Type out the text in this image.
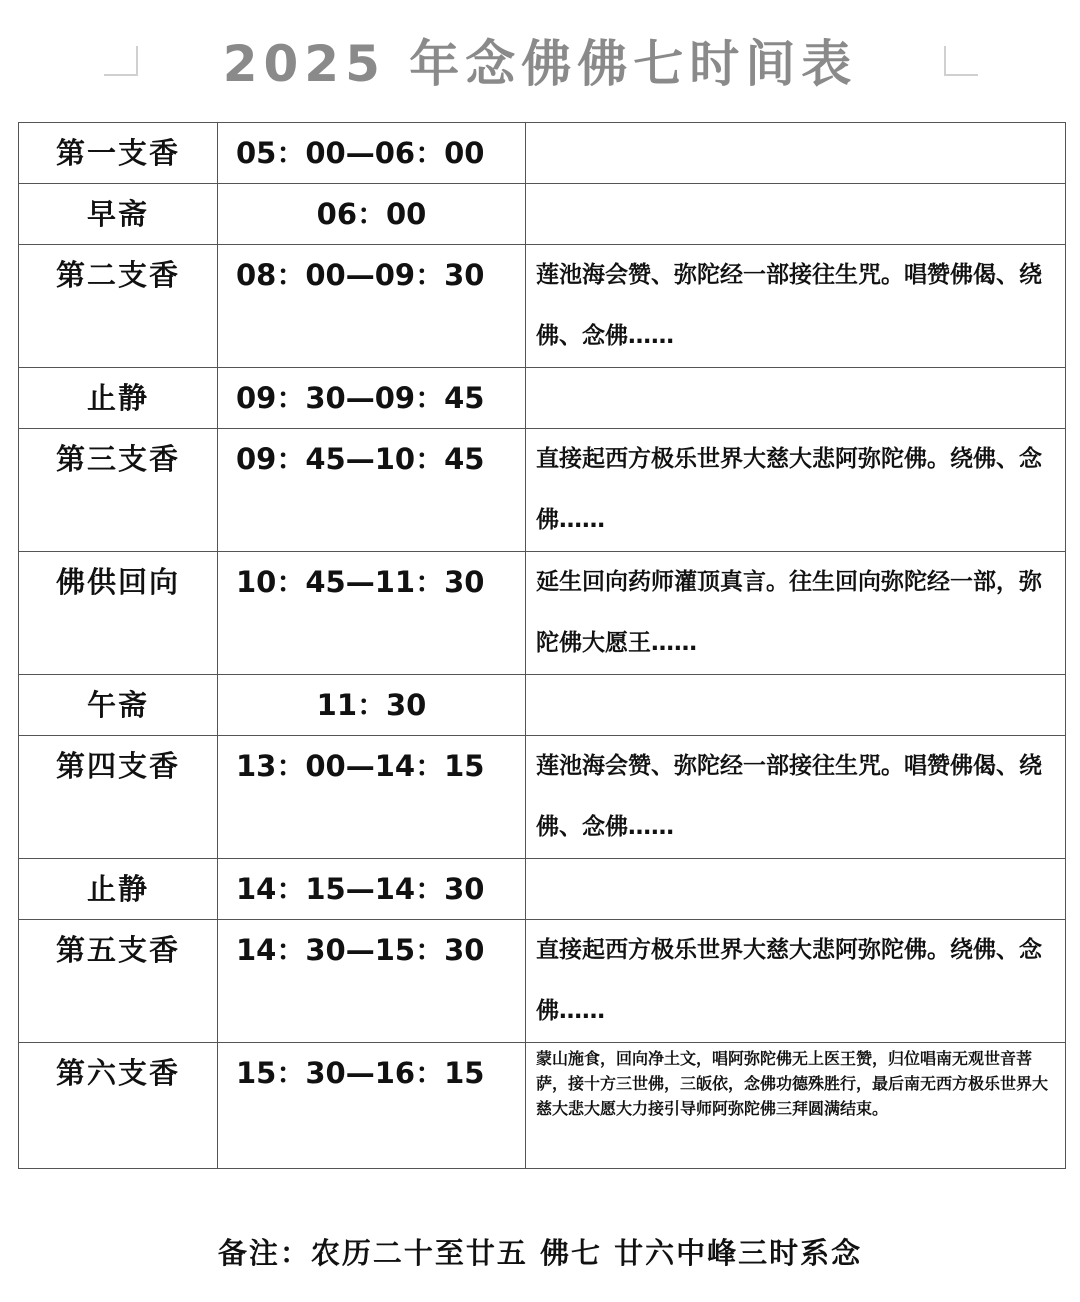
2025 年念佛佛七时间表
第一支香	05：00—06：00	
早斋	06：00	
第二支香	08：00—09：30	莲池海会赞、弥陀经一部接往生咒。唱赞佛偈、绕佛、念佛……
止静	09：30—09：45	
第三支香	09：45—10：45	直接起西方极乐世界大慈大悲阿弥陀佛。绕佛、念佛……
佛供回向	10：45—11：30	延生回向药师灌顶真言。往生回向弥陀经一部，弥陀佛大愿王……
午斋	11：30	
第四支香	13：00—14：15	莲池海会赞、弥陀经一部接往生咒。唱赞佛偈、绕佛、念佛……
止静	14：15—14：30	
第五支香	14：30—15：30	直接起西方极乐世界大慈大悲阿弥陀佛。绕佛、念佛……
第六支香	15：30—16：15	蒙山施食，回向净土文，唱阿弥陀佛无上医王赞，归位唱南无观世音菩萨，接十方三世佛，三皈依，念佛功德殊胜行，最后南无西方极乐世界大慈大悲大愿大力接引导师阿弥陀佛三拜圆满结束。
备注：农历二十至廿五 佛七 廿六中峰三时系念
